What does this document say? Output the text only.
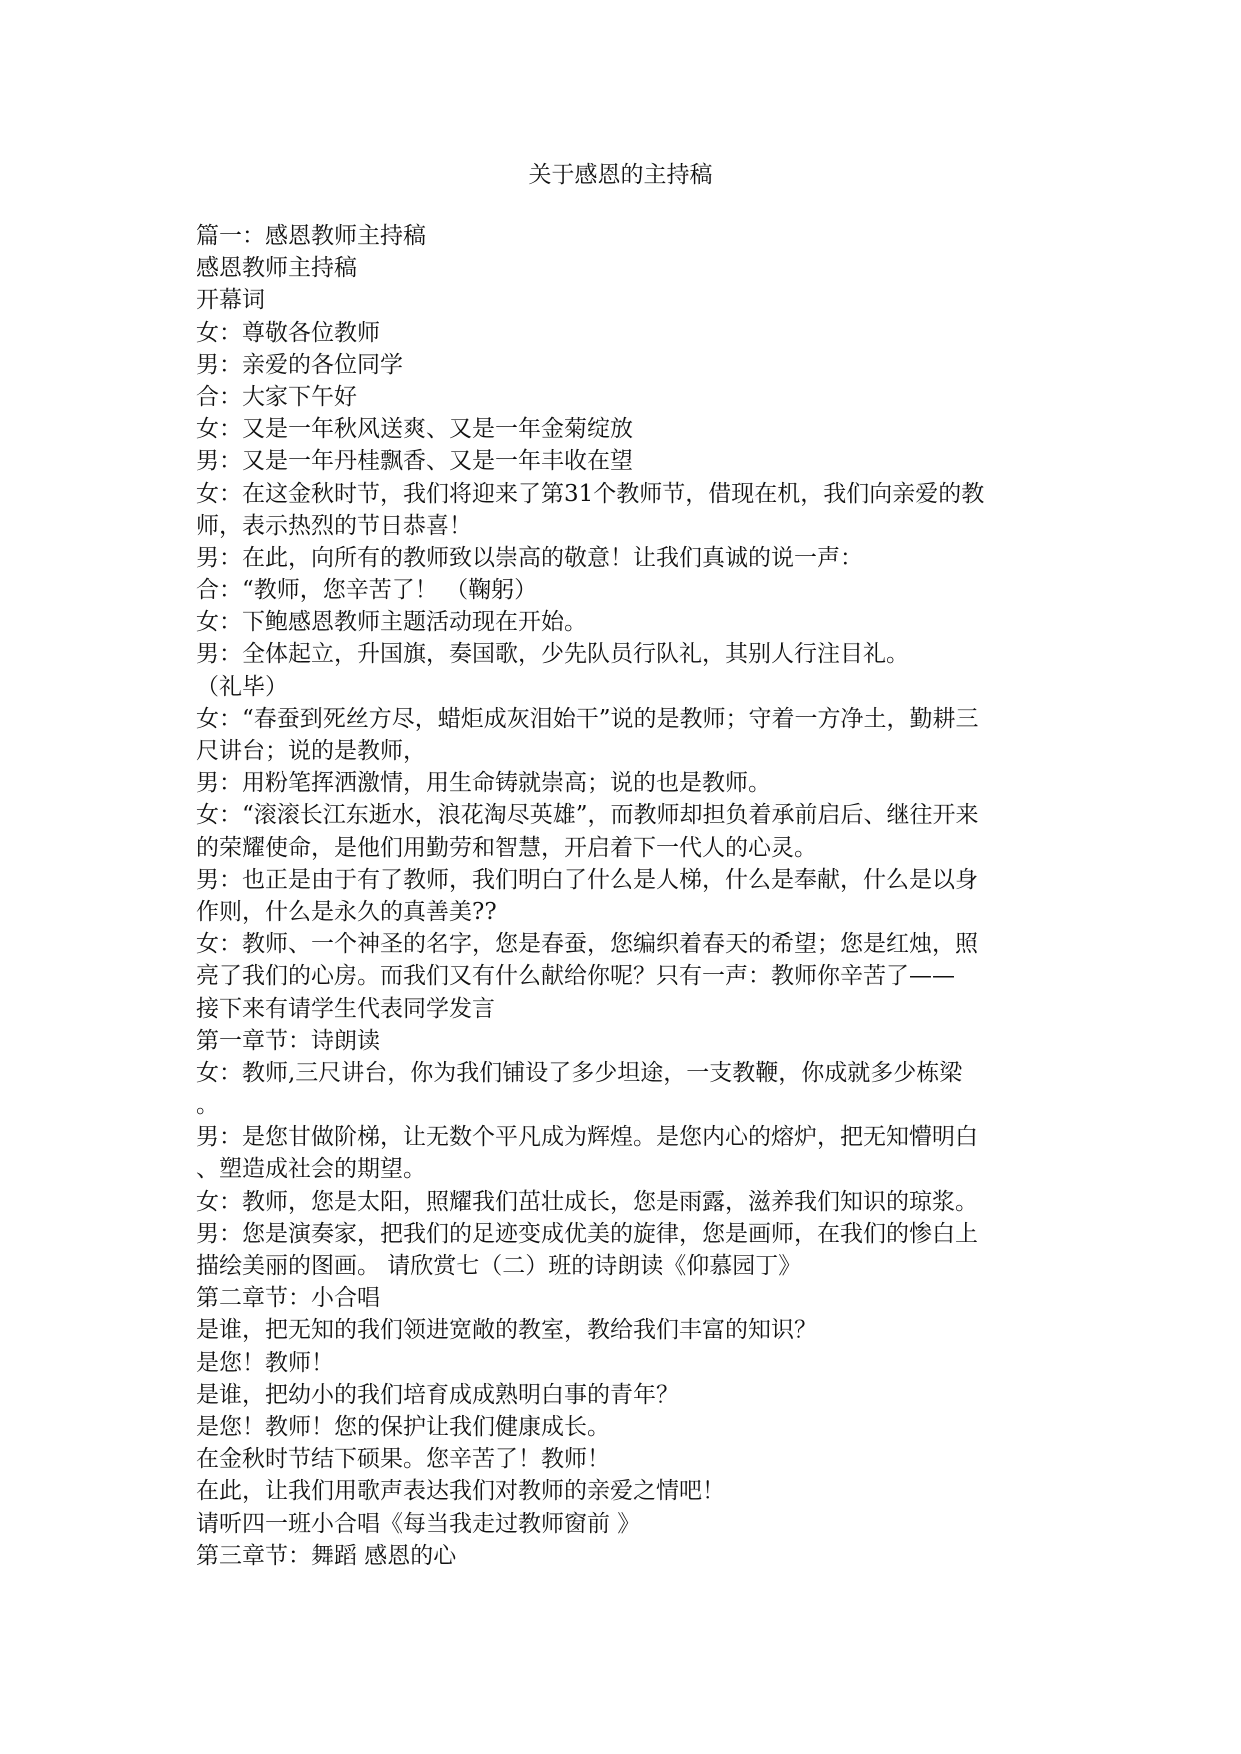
关于感恩的主持稿
篇一：感恩教师主持稿
感恩教师主持稿
开幕词
女：尊敬各位教师
男：亲爱的各位同学
合：大家下午好
女：又是一年秋风送爽、又是一年金菊绽放
男：又是一年丹桂飘香、又是一年丰收在望
女：在这金秋时节，我们将迎来了第31个教师节，借现在机，我们向亲爱的教
师，表示热烈的节日恭喜！
男：在此，向所有的教师致以崇高的敬意！让我们真诚的说一声：
合：“教师，您辛苦了！ （鞠躬）
女：下鲍感恩教师主题活动现在开始。
男：全体起立，升国旗，奏国歌，少先队员行队礼，其别人行注目礼。
（礼毕）
女：“春蚕到死丝方尽，蜡炬成灰泪始干”说的是教师；守着一方净土，勤耕三
尺讲台；说的是教师，
男：用粉笔挥洒激情，用生命铸就崇高；说的也是教师。
女：“滚滚长江东逝水，浪花淘尽英雄”，而教师却担负着承前启后、继往开来
的荣耀使命，是他们用勤劳和智慧，开启着下一代人的心灵。
男：也正是由于有了教师，我们明白了什么是人梯，什么是奉献，什么是以身
作则，什么是永久的真善美??
女：教师、一个神圣的名字，您是春蚕，您编织着春天的希望；您是红烛，照
亮了我们的心房。而我们又有什么献给你呢？只有一声：教师你辛苦了——
接下来有请学生代表同学发言
第一章节：诗朗读
女：教师,三尺讲台，你为我们铺设了多少坦途，一支教鞭，你成就多少栋梁
。
男：是您甘做阶梯，让无数个平凡成为辉煌。是您内心的熔炉，把无知懵明白
、塑造成社会的期望。
女：教师，您是太阳，照耀我们茁壮成长，您是雨露，滋养我们知识的琼浆。
男：您是演奏家，把我们的足迹变成优美的旋律，您是画师，在我们的惨白上
描绘美丽的图画。 请欣赏七（二）班的诗朗读《仰慕园丁》
第二章节：小合唱
是谁，把无知的我们领进宽敞的教室，教给我们丰富的知识？
是您！教师！
是谁，把幼小的我们培育成成熟明白事的青年？
是您！教师！您的保护让我们健康成长。
在金秋时节结下硕果。您辛苦了！教师！
在此，让我们用歌声表达我们对教师的亲爱之情吧！
请听四一班小合唱《每当我走过教师窗前 》
第三章节：舞蹈 感恩的心
